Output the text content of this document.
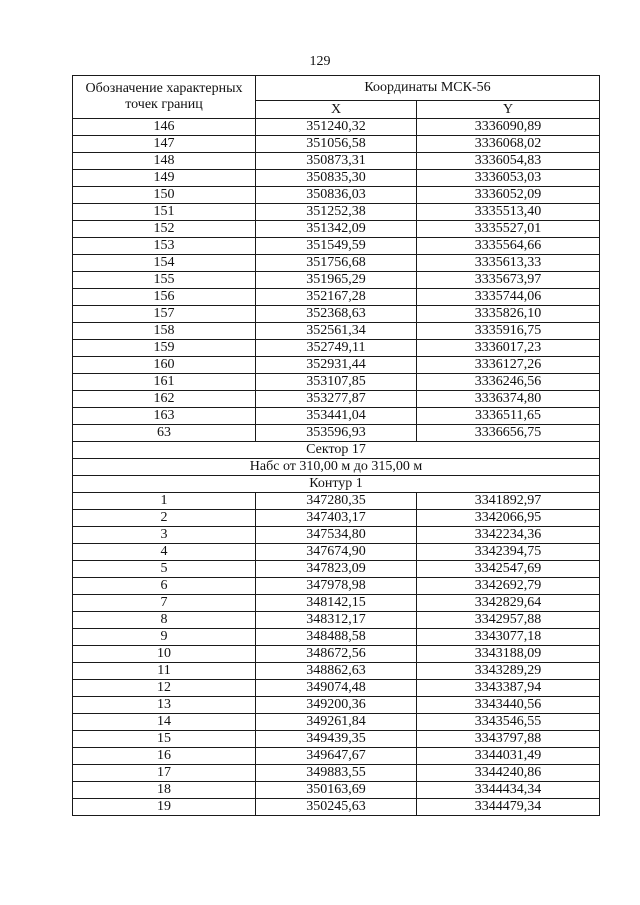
129
Обозначение характерных
точек границ	Координаты МСК-56	
	X	Y
146	351240,32	3336090,89
147	351056,58	3336068,02
148	350873,31	3336054,83
149	350835,30	3336053,03
150	350836,03	3336052,09
151	351252,38	3335513,40
152	351342,09	3335527,01
153	351549,59	3335564,66
154	351756,68	3335613,33
155	351965,29	3335673,97
156	352167,28	3335744,06
157	352368,63	3335826,10
158	352561,34	3335916,75
159	352749,11	3336017,23
160	352931,44	3336127,26
161	353107,85	3336246,56
162	353277,87	3336374,80
163	353441,04	3336511,65
63	353596,93	3336656,75
Сектор 17		
Набс от 310,00 м до 315,00 м		
Контур 1		
1	347280,35	3341892,97
2	347403,17	3342066,95
3	347534,80	3342234,36
4	347674,90	3342394,75
5	347823,09	3342547,69
6	347978,98	3342692,79
7	348142,15	3342829,64
8	348312,17	3342957,88
9	348488,58	3343077,18
10	348672,56	3343188,09
11	348862,63	3343289,29
12	349074,48	3343387,94
13	349200,36	3343440,56
14	349261,84	3343546,55
15	349439,35	3343797,88
16	349647,67	3344031,49
17	349883,55	3344240,86
18	350163,69	3344434,34
19	350245,63	3344479,34
